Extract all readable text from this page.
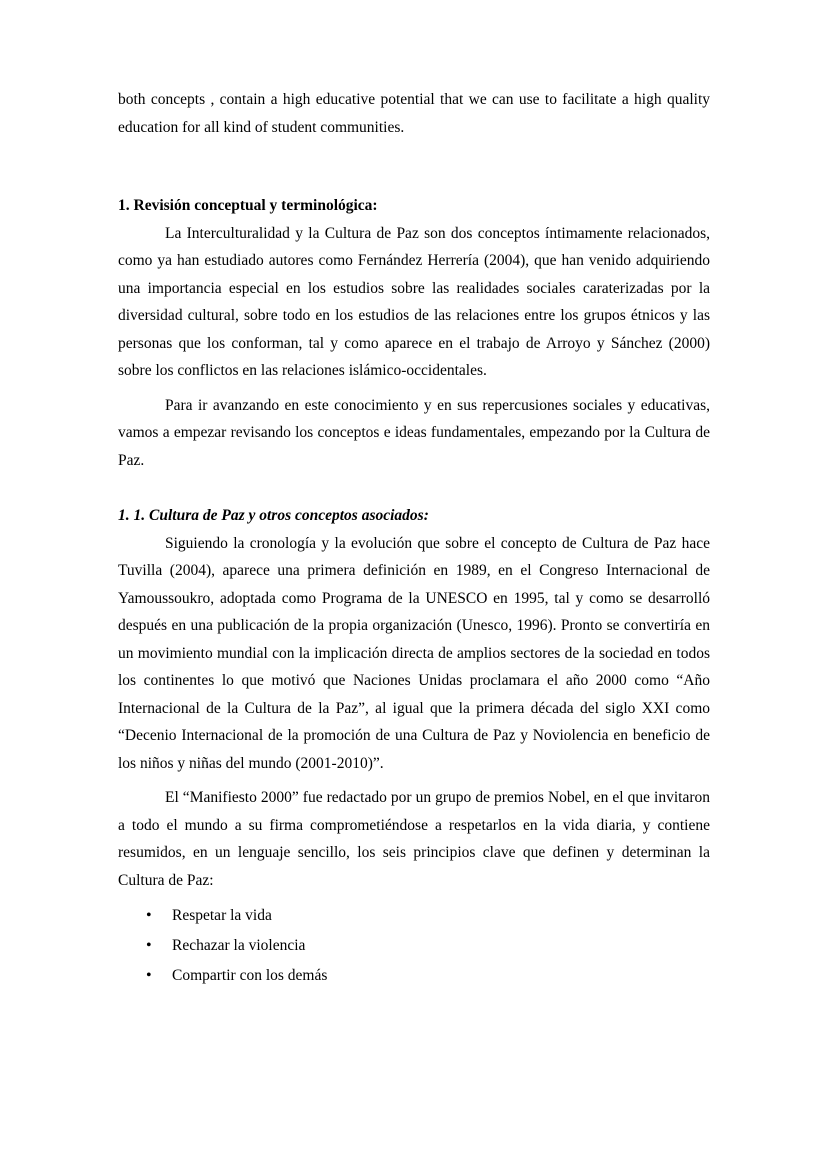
both concepts , contain a high educative potential that we can use to facilitate a high quality education for all kind of student communities.
1. Revisión conceptual y terminológica:
La Interculturalidad y la Cultura de Paz son dos conceptos íntimamente relacionados, como ya han estudiado autores como Fernández Herrería (2004), que han venido adquiriendo una importancia especial en los estudios sobre las realidades sociales caraterizadas por la diversidad cultural, sobre todo en los estudios de las relaciones entre los grupos étnicos y las personas que los conforman, tal y como aparece en el trabajo de Arroyo y Sánchez (2000) sobre los conflictos en las relaciones islámico-occidentales.
Para ir avanzando en este conocimiento y en sus repercusiones sociales y educativas, vamos a empezar revisando los conceptos e ideas fundamentales, empezando por la Cultura de Paz.
1. 1. Cultura de Paz y otros conceptos asociados:
Siguiendo la cronología y la evolución que sobre el concepto de Cultura de Paz hace Tuvilla (2004), aparece una primera definición en 1989, en el Congreso Internacional de Yamoussoukro, adoptada como Programa de la UNESCO en 1995, tal y como se desarrolló después en una publicación de la propia organización (Unesco, 1996). Pronto se convertiría en un movimiento mundial con la implicación directa de amplios sectores de la sociedad en todos los continentes lo que motivó que Naciones Unidas proclamara el año 2000 como “Año Internacional de la Cultura de la Paz”, al igual que la primera década del siglo XXI como “Decenio Internacional de la promoción de una Cultura de Paz y Noviolencia en beneficio de los niños y niñas del mundo (2001-2010)”.
El “Manifiesto 2000” fue redactado por un grupo de premios Nobel, en el que invitaron a todo el mundo a su firma comprometiéndose a respetarlos en la vida diaria, y contiene resumidos, en un lenguaje sencillo, los seis principios clave que definen y determinan la Cultura de Paz:
• Respetar la vida
• Rechazar la violencia
• Compartir con los demás
